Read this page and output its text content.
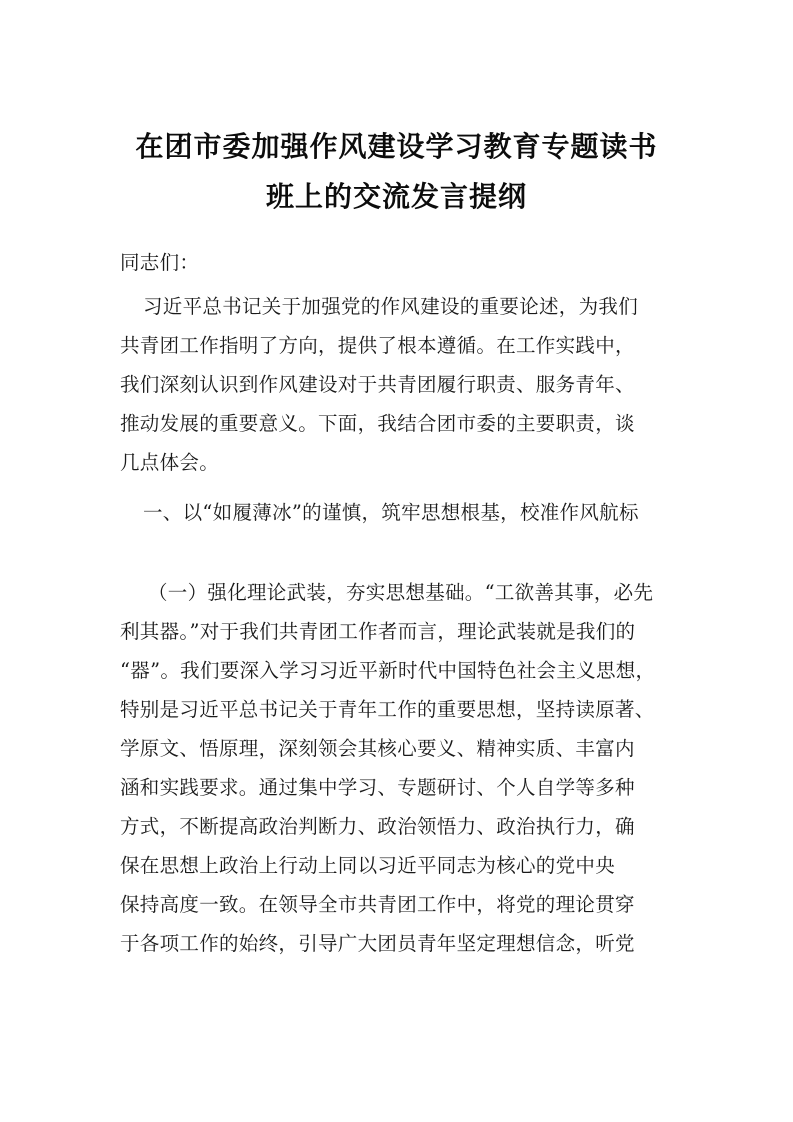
在团市委加强作风建设学习教育专题读书
班上的交流发言提纲
同志们：
习近平总书记关于加强党的作风建设的重要论述，为我们
共青团工作指明了方向，提供了根本遵循。在工作实践中，
我们深刻认识到作风建设对于共青团履行职责、服务青年、
推动发展的重要意义。下面，我结合团市委的主要职责，谈
几点体会。
一、以“如履薄冰”的谨慎，筑牢思想根基，校准作风航标
（一）强化理论武装，夯实思想基础。“工欲善其事，必先
利其器。”对于我们共青团工作者而言，理论武装就是我们的
“器”。我们要深入学习习近平新时代中国特色社会主义思想，
特别是习近平总书记关于青年工作的重要思想，坚持读原著、
学原文、悟原理，深刻领会其核心要义、精神实质、丰富内
涵和实践要求。通过集中学习、专题研讨、个人自学等多种
方式，不断提高政治判断力、政治领悟力、政治执行力，确
保在思想上政治上行动上同以习近平同志为核心的党中央
保持高度一致。在领导全市共青团工作中，将党的理论贯穿
于各项工作的始终，引导广大团员青年坚定理想信念，听党
